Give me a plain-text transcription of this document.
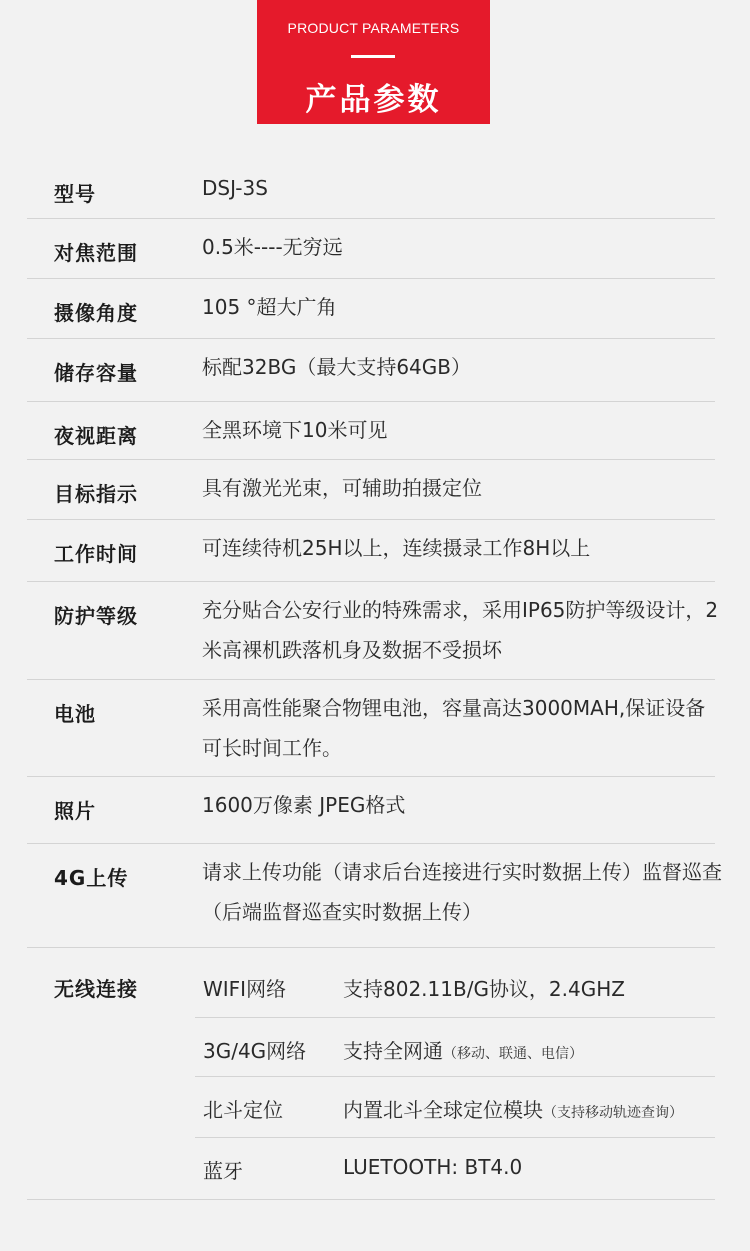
PRODUCT PARAMETERS
产品参数
型号	DSJ-3S
对焦范围	0.5米----无穷远
摄像角度	105 °超大广角
储存容量	标配32BG（最大支持64GB）
夜视距离	全黑环境下10米可见
目标指示	具有激光光束，可辅助拍摄定位
工作时间	可连续待机25H以上，连续摄录工作8H以上
防护等级	充分贴合公安行业的特殊需求，采用IP65防护等级设计，2米高裸机跌落机身及数据不受损坏
电池	采用高性能聚合物锂电池，容量高达3000MAH,保证设备可长时间工作。
照片	1600万像素 JPEG格式
4G上传	请求上传功能（请求后台连接进行实时数据上传）监督巡查（后端监督巡查实时数据上传）
无线连接	WIFI网络	支持802.11B/G协议，2.4GHZ
3G/4G网络 支持全网通（移动、联通、电信）
北斗定位	内置北斗全球定位模块（支持移动轨迹查询）
蓝牙	LUETOOTH: BT4.0
